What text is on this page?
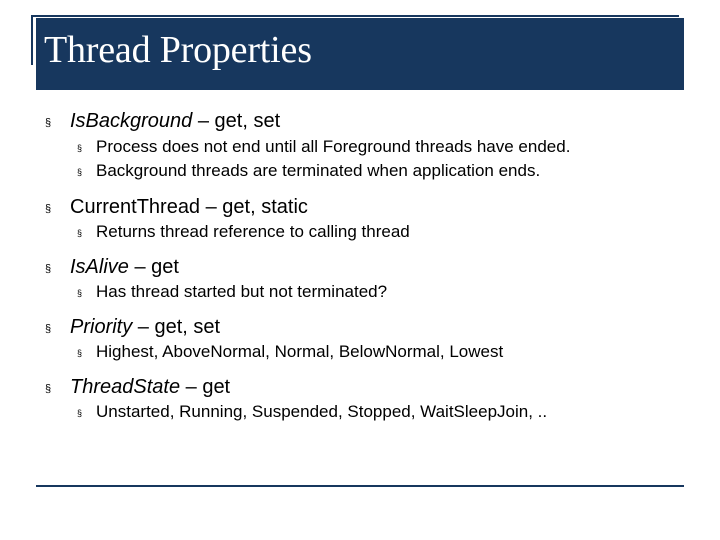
Thread Properties
§ IsBackground – get, set
§ Process does not end until all Foreground threads have ended.
§ Background threads are terminated when application ends.
§ CurrentThread – get, static
§ Returns thread reference to calling thread
§ IsAlive – get
§ Has thread started but not terminated?
§ Priority – get, set
§ Highest, AboveNormal, Normal, BelowNormal, Lowest
§ ThreadState – get
§ Unstarted, Running, Suspended, Stopped, WaitSleepJoin, ..
